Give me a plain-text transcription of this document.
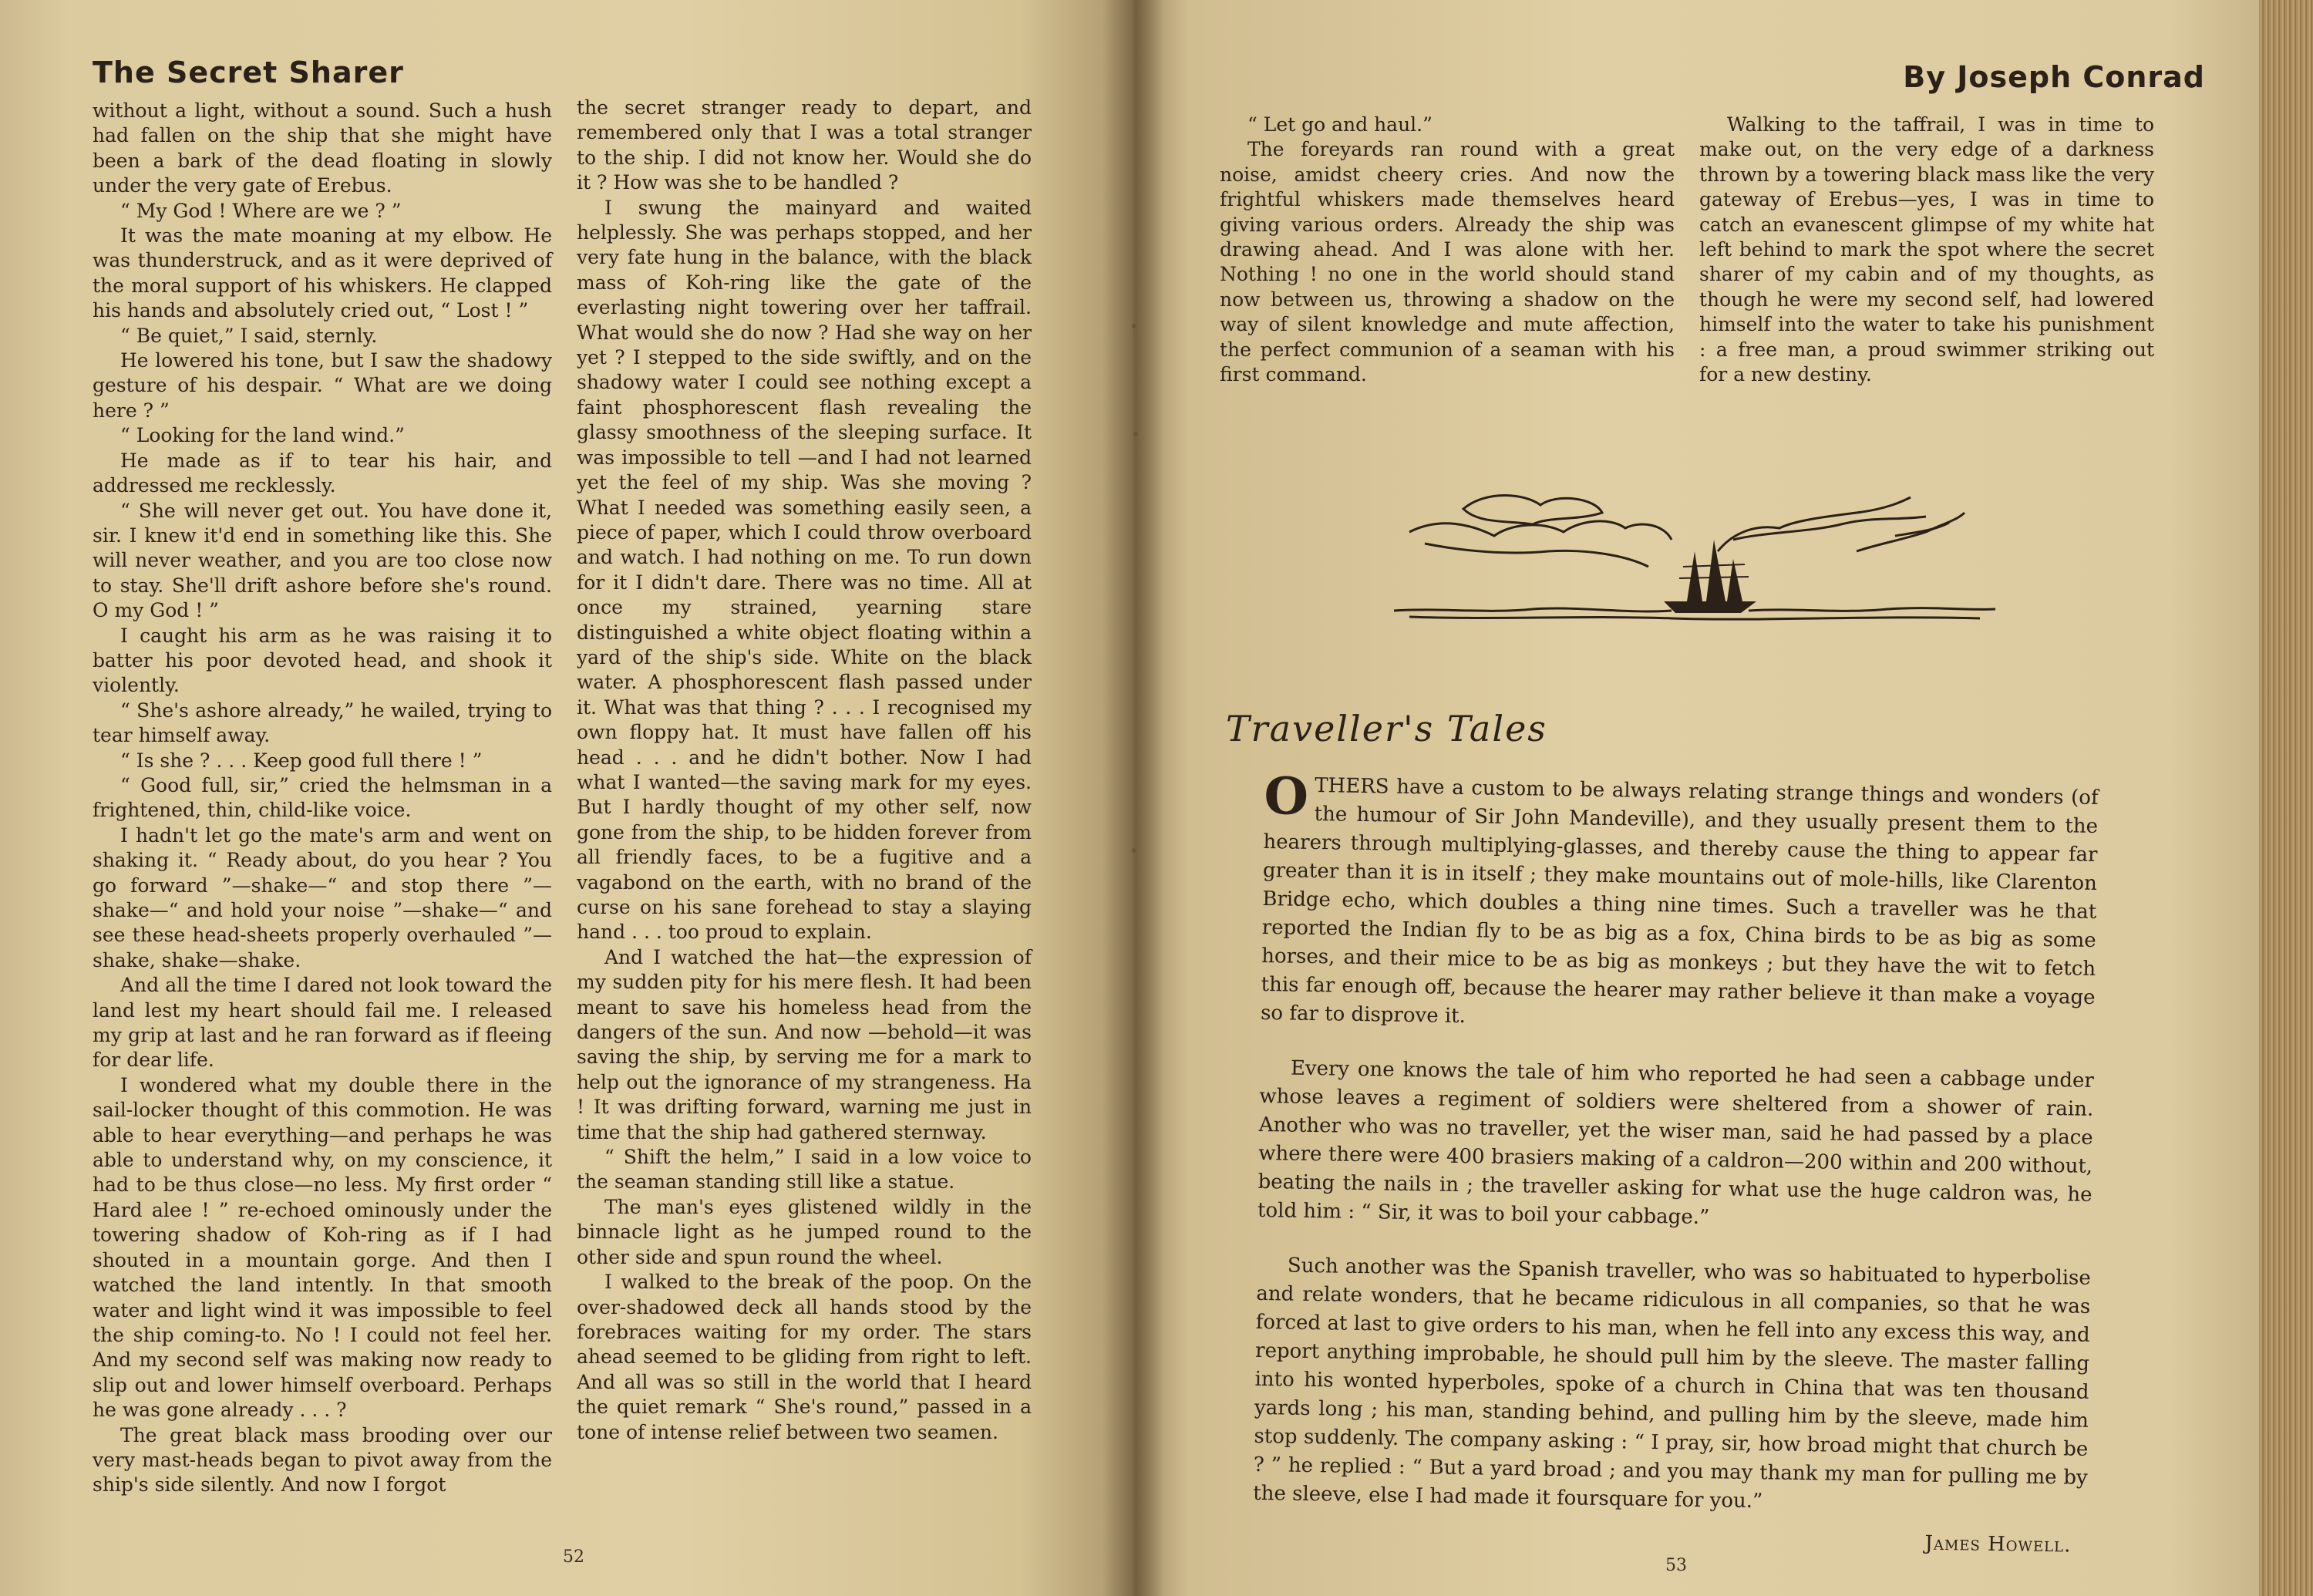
The Secret Sharer

without a light, without a sound. Such a hush had fallen on the ship that she might have been a bark of the dead floating in slowly under the very gate of Erebus.

“ My God ! Where are we ? ”

It was the mate moaning at my elbow. He was thunderstruck, and as it were deprived of the moral support of his whiskers. He clapped his hands and absolutely cried out, “ Lost ! ”

“ Be quiet,” I said, sternly.

He lowered his tone, but I saw the shadowy gesture of his despair. “ What are we doing here ? ”

“ Looking for the land wind.”

He made as if to tear his hair, and addressed me recklessly.

“ She will never get out. You have done it, sir. I knew it'd end in something like this. She will never weather, and you are too close now to stay. She'll drift ashore before she's round. O my God ! ”

I caught his arm as he was raising it to batter his poor devoted head, and shook it violently.

“ She's ashore already,” he wailed, trying to tear himself away.

“ Is she ? . . . Keep good full there ! ”

“ Good full, sir,” cried the helmsman in a frightened, thin, child-like voice.

I hadn't let go the mate's arm and went on shaking it. “ Ready about, do you hear ? You go forward ”—shake—“ and stop there ”—shake—“ and hold your noise ”—shake—“ and see these head-sheets properly overhauled ”—shake, shake—shake.

And all the time I dared not look toward the land lest my heart should fail me. I released my grip at last and he ran forward as if fleeing for dear life.

I wondered what my double there in the sail-locker thought of this commotion. He was able to hear everything—and perhaps he was able to understand why, on my conscience, it had to be thus close—no less. My first order “ Hard alee ! ” re-echoed ominously under the towering shadow of Koh-ring as if I had shouted in a mountain gorge. And then I watched the land intently. In that smooth water and light wind it was impossible to feel the ship coming-to. No ! I could not feel her. And my second self was making now ready to slip out and lower himself overboard. Perhaps he was gone already . . . ?

The great black mass brooding over our very mast-heads began to pivot away from the ship's side silently. And now I forgot

the secret stranger ready to depart, and remembered only that I was a total stranger to the ship. I did not know her. Would she do it ? How was she to be handled ?

I swung the mainyard and waited helplessly. She was perhaps stopped, and her very fate hung in the balance, with the black mass of Koh-ring like the gate of the everlasting night towering over her taffrail. What would she do now ? Had she way on her yet ? I stepped to the side swiftly, and on the shadowy water I could see nothing except a faint phosphorescent flash revealing the glassy smoothness of the sleeping surface. It was impossible to tell —and I had not learned yet the feel of my ship. Was she moving ? What I needed was something easily seen, a piece of paper, which I could throw overboard and watch. I had nothing on me. To run down for it I didn't dare. There was no time. All at once my strained, yearning stare distinguished a white object floating within a yard of the ship's side. White on the black water. A phosphorescent flash passed under it. What was that thing ? . . . I recognised my own floppy hat. It must have fallen off his head . . . and he didn't bother. Now I had what I wanted—the saving mark for my eyes. But I hardly thought of my other self, now gone from the ship, to be hidden forever from all friendly faces, to be a fugitive and a vagabond on the earth, with no brand of the curse on his sane forehead to stay a slaying hand . . . too proud to explain.

And I watched the hat—the expression of my sudden pity for his mere flesh. It had been meant to save his homeless head from the dangers of the sun. And now —behold—it was saving the ship, by serving me for a mark to help out the ignorance of my strangeness. Ha ! It was drifting forward, warning me just in time that the ship had gathered sternway.

“ Shift the helm,” I said in a low voice to the seaman standing still like a statue.

The man's eyes glistened wildly in the binnacle light as he jumped round to the other side and spun round the wheel.

I walked to the break of the poop. On the over-shadowed deck all hands stood by the forebraces waiting for my order. The stars ahead seemed to be gliding from right to left. And all was so still in the world that I heard the quiet remark “ She's round,” passed in a tone of intense relief between two seamen.

52
By Joseph Conrad

“ Let go and haul.”

The foreyards ran round with a great noise, amidst cheery cries. And now the frightful whiskers made themselves heard giving various orders. Already the ship was drawing ahead. And I was alone with her. Nothing ! no one in the world should stand now between us, throwing a shadow on the way of silent knowledge and mute affection, the perfect communion of a seaman with his first command.

Walking to the taffrail, I was in time to make out, on the very edge of a darkness thrown by a towering black mass like the very gateway of Erebus—yes, I was in time to catch an evanescent glimpse of my white hat left behind to mark the spot where the secret sharer of my cabin and of my thoughts, as though he were my second self, had lowered himself into the water to take his punishment : a free man, a proud swimmer striking out for a new destiny.

Traveller's Tales

OTHERS have a custom to be always relating strange things and wonders (of the humour of Sir John Mandeville), and they usually present them to the hearers through multiplying-glasses, and thereby cause the thing to appear far greater than it is in itself ; they make mountains out of mole-hills, like Clarenton Bridge echo, which doubles a thing nine times. Such a traveller was he that reported the Indian fly to be as big as a fox, China birds to be as big as some horses, and their mice to be as big as monkeys ; but they have the wit to fetch this far enough off, because the hearer may rather believe it than make a voyage so far to disprove it.

Every one knows the tale of him who reported he had seen a cabbage under whose leaves a regiment of soldiers were sheltered from a shower of rain. Another who was no traveller, yet the wiser man, said he had passed by a place where there were 400 brasiers making of a caldron—200 within and 200 without, beating the nails in ; the traveller asking for what use the huge caldron was, he told him : “ Sir, it was to boil your cabbage.”

Such another was the Spanish traveller, who was so habituated to hyperbolise and relate wonders, that he became ridiculous in all companies, so that he was forced at last to give orders to his man, when he fell into any excess this way, and report anything improbable, he should pull him by the sleeve. The master falling into his wonted hyperboles, spoke of a church in China that was ten thousand yards long ; his man, standing behind, and pulling him by the sleeve, made him stop suddenly. The company asking : “ I pray, sir, how broad might that church be ? ” he replied : “ But a yard broad ; and you may thank my man for pulling me by the sleeve, else I had made it foursquare for you.”

James Howell.
53
